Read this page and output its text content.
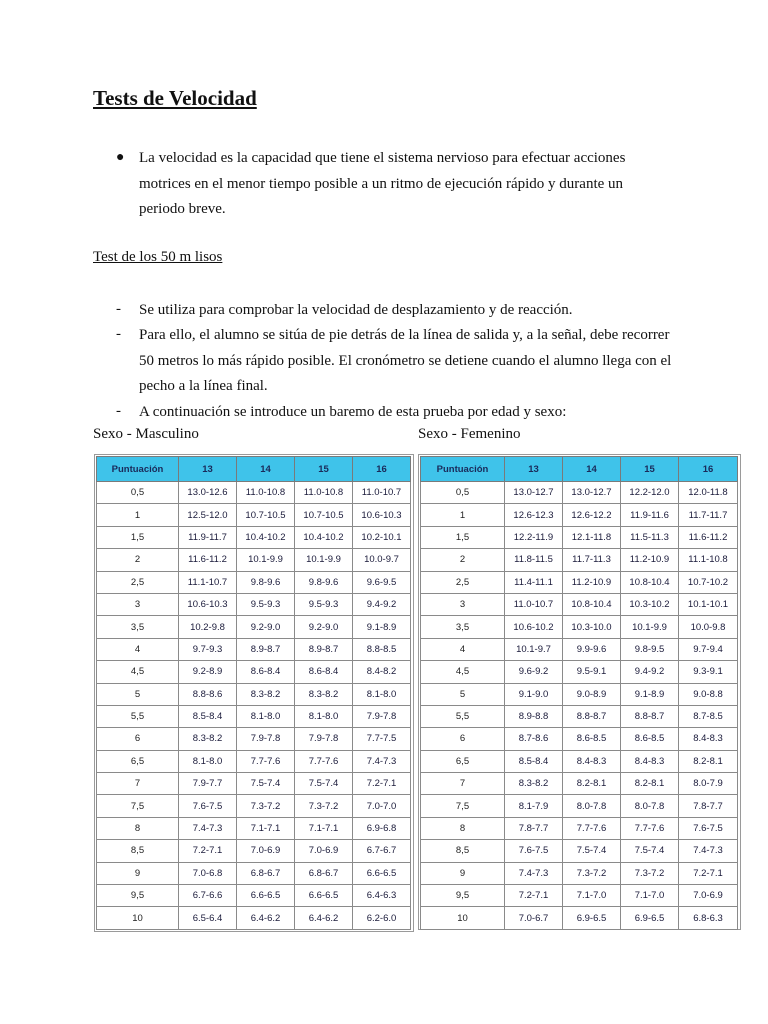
Tests de Velocidad
● La velocidad es la capacidad que tiene el sistema nervioso para efectuar acciones motrices en el menor tiempo posible a un ritmo de ejecución rápido y durante un periodo breve.
Test de los 50 m lisos
- Se utiliza para comprobar la velocidad de desplazamiento y de reacción.
- Para ello, el alumno se sitúa de pie detrás de la línea de salida y, a la señal, debe recorrer 50 metros lo más rápido posible. El cronómetro se detiene cuando el alumno llega con el pecho a la línea final.
- A continuación se introduce un baremo de esta prueba por edad y sexo:
Sexo - Masculino	Sexo - Femenino
Puntuación	13	14	15	16
0,5	13.0-12.6	11.0-10.8	11.0-10.8	11.0-10.7
1	12.5-12.0	10.7-10.5	10.7-10.5	10.6-10.3
1,5	11.9-11.7	10.4-10.2	10.4-10.2	10.2-10.1
2	11.6-11.2	10.1-9.9	10.1-9.9	10.0-9.7
2,5	11.1-10.7	9.8-9.6	9.8-9.6	9.6-9.5
3	10.6-10.3	9.5-9.3	9.5-9.3	9.4-9.2
3,5	10.2-9.8	9.2-9.0	9.2-9.0	9.1-8.9
4	9.7-9.3	8.9-8.7	8.9-8.7	8.8-8.5
4,5	9.2-8.9	8.6-8.4	8.6-8.4	8.4-8.2
5	8.8-8.6	8.3-8.2	8.3-8.2	8.1-8.0
5,5	8.5-8.4	8.1-8.0	8.1-8.0	7.9-7.8
6	8.3-8.2	7.9-7.8	7.9-7.8	7.7-7.5
6,5	8.1-8.0	7.7-7.6	7.7-7.6	7.4-7.3
7	7.9-7.7	7.5-7.4	7.5-7.4	7.2-7.1
7,5	7.6-7.5	7.3-7.2	7.3-7.2	7.0-7.0
8	7.4-7.3	7.1-7.1	7.1-7.1	6.9-6.8
8,5	7.2-7.1	7.0-6.9	7.0-6.9	6.7-6.7
9	7.0-6.8	6.8-6.7	6.8-6.7	6.6-6.5
9,5	6.7-6.6	6.6-6.5	6.6-6.5	6.4-6.3
10	6.5-6.4	6.4-6.2	6.4-6.2	6.2-6.0
Puntuación	13	14	15	16
0,5	13.0-12.7	13.0-12.7	12.2-12.0	12.0-11.8
1	12.6-12.3	12.6-12.2	11.9-11.6	11.7-11.7
1,5	12.2-11.9	12.1-11.8	11.5-11.3	11.6-11.2
2	11.8-11.5	11.7-11.3	11.2-10.9	11.1-10.8
2,5	11.4-11.1	11.2-10.9	10.8-10.4	10.7-10.2
3	11.0-10.7	10.8-10.4	10.3-10.2	10.1-10.1
3,5	10.6-10.2	10.3-10.0	10.1-9.9	10.0-9.8
4	10.1-9.7	9.9-9.6	9.8-9.5	9.7-9.4
4,5	9.6-9.2	9.5-9.1	9.4-9.2	9.3-9.1
5	9.1-9.0	9.0-8.9	9.1-8.9	9.0-8.8
5,5	8.9-8.8	8.8-8.7	8.8-8.7	8.7-8.5
6	8.7-8.6	8.6-8.5	8.6-8.5	8.4-8.3
6,5	8.5-8.4	8.4-8.3	8.4-8.3	8.2-8.1
7	8.3-8.2	8.2-8.1	8.2-8.1	8.0-7.9
7,5	8.1-7.9	8.0-7.8	8.0-7.8	7.8-7.7
8	7.8-7.7	7.7-7.6	7.7-7.6	7.6-7.5
8,5	7.6-7.5	7.5-7.4	7.5-7.4	7.4-7.3
9	7.4-7.3	7.3-7.2	7.3-7.2	7.2-7.1
9,5	7.2-7.1	7.1-7.0	7.1-7.0	7.0-6.9
10	7.0-6.7	6.9-6.5	6.9-6.5	6.8-6.3
